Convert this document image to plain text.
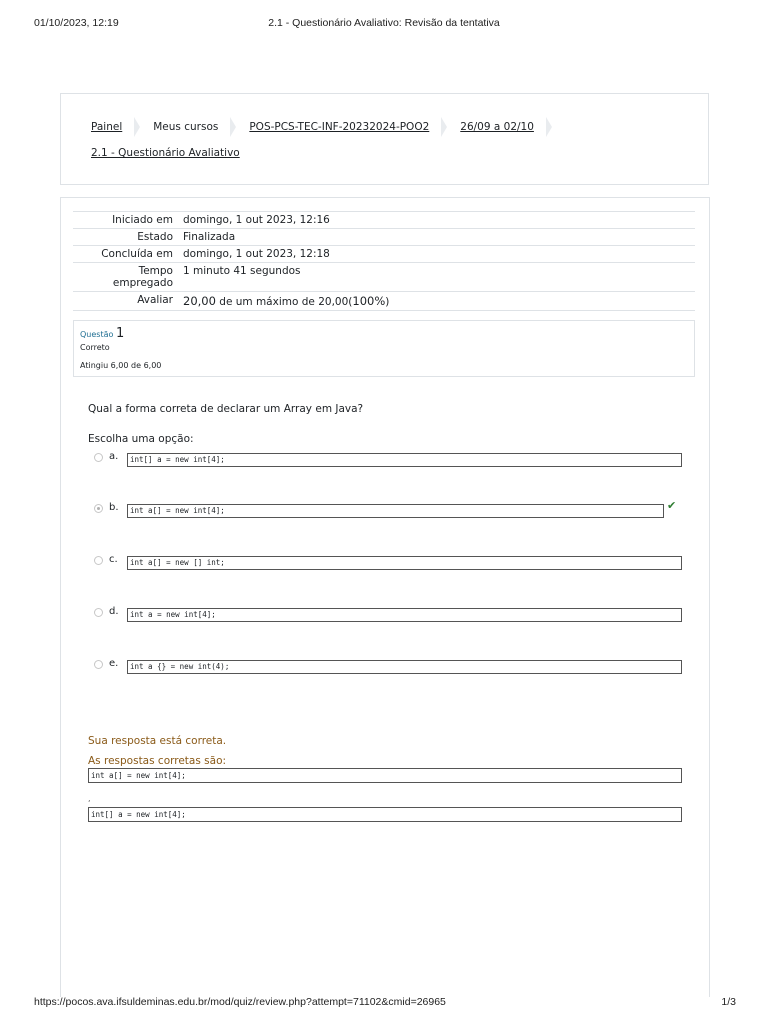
01/10/2023, 12:19	2.1 - Questionário Avaliativo: Revisão da tentativa
Painel	Meus cursos	POS-PCS-TEC-INF-20232024-POO2	26/09 a 02/10
2.1 - Questionário Avaliativo
Iniciado em domingo, 1 out 2023, 12:16
Estado Finalizada
Concluída em domingo, 1 out 2023, 12:18
Tempo
empregado
1 minuto 41 segundos
Avaliar 20,00 de um máximo de 20,00(100%)
Questão 1
Correto
Atingiu 6,00 de 6,00
Qual a forma correta de declarar um Array em Java?
Escolha uma opção:
a.	int[] a = new int[4];
b.	int a[] = new int[4];	✔
c.	int a[] = new [] int;
d.	int a = new int[4];
e.	int a {} = new int(4);
Sua resposta está correta.
As respostas corretas são:
int a[] = new int[4];
,
int[] a = new int[4];
https://pocos.ava.ifsuldeminas.edu.br/mod/quiz/review.php?attempt=71102&cmid=26965	1/3
